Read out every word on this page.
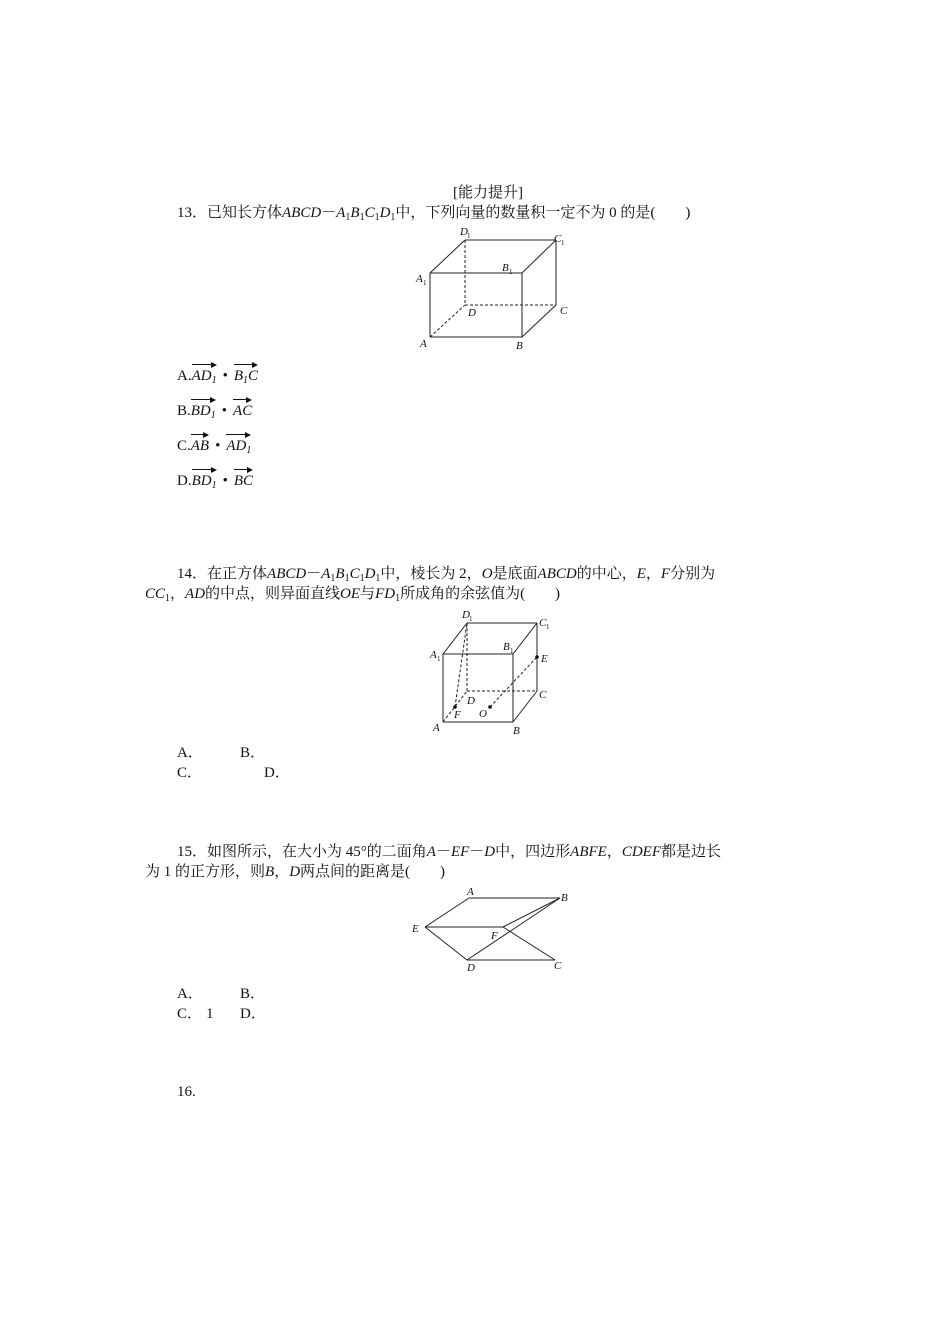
[能力提升]
13．已知长方体$ABCD-A_1B_1C_1D_1$中，下列向量的数量积一定不为 0 的是(　　)
A	B
C
D
A 1
B 1
C 1
D 1
A.
$AD_1$ • $B_1C$
B.
$BD_1$ • AC
C.
AB • $AD_1$
D.
$BD_1$ • BC
14．在正方体$ABCD-A_1B_1C_1D_1$中，棱长为 2，O是底面ABCD的中心，E，F分别为
$CC_1$，AD的中点，则异面直线OE与$FD_1$所成角的余弦值为(　　)
A	B
C
D
E
F O
A 1
B 1
C 1
D 1
A． B．
C．	D．
15．如图所示，在大小为 45°的二面角A－EF－D中，四边形ABFE，CDEF都是边长
为 1 的正方形，则B，D两点间的距离是(　　)
A	B
C
D
E
F
A． B．
C． 1 D．
16.
